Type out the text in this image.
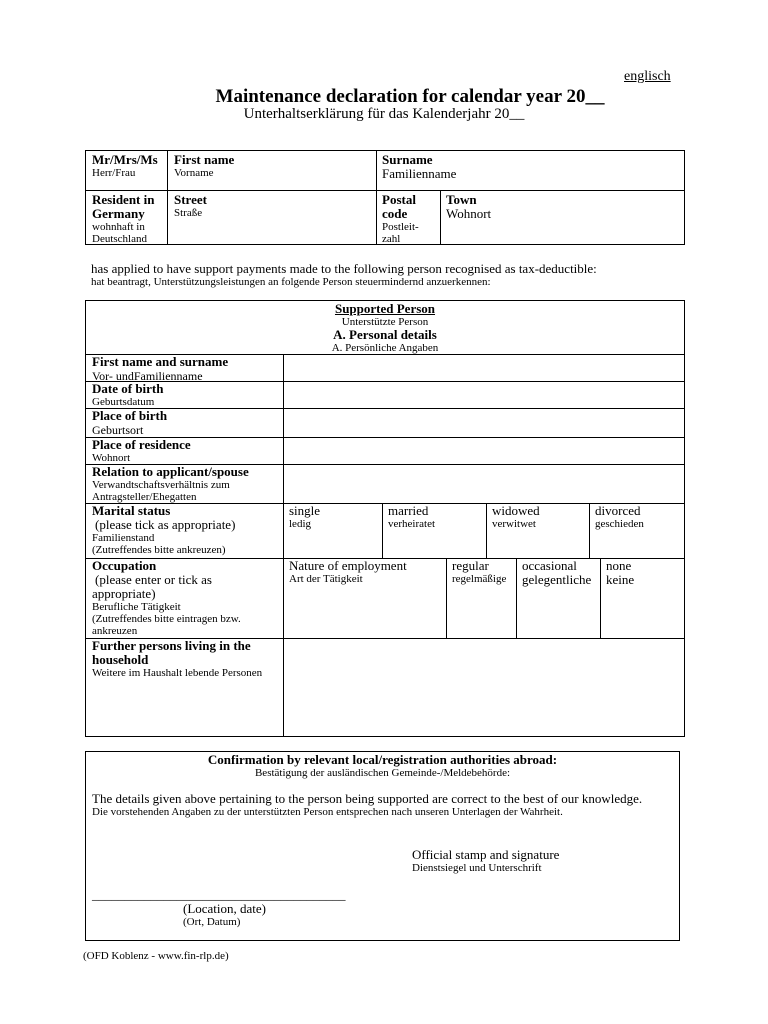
englisch
Maintenance declaration for calendar year 20__
Unterhaltserklärung für das Kalenderjahr 20__
Mr/Mrs/Ms
Herr/Frau
First name
Vorname
Surname
Familienname
Resident in
Germany
wohnhaft in
Deutschland
Street
Straße
Postal
code
Postleit-
zahl
Town
Wohnort
has applied to have support payments made to the following person recognised as tax-deductible:
hat beantragt, Unterstützungsleistungen an folgende Person steuermindernd anzuerkennen:
Supported Person
Unterstützte Person
A. Personal details
A. Persönliche Angaben
First name and surname
Vor- undFamilienname
Date of birth
Geburtsdatum
Place of birth
Geburtsort
Place of residence
Wohnort
Relation to applicant/spouse
Verwandtschaftsverhältnis zum
Antragsteller/Ehegatten
Marital status
(please tick as appropriate)
Familienstand
(Zutreffendes bitte ankreuzen)
single
ledig
married
verheiratet
widowed
verwitwet
divorced
geschieden
Occupation
(please enter or tick as
appropriate)
Berufliche Tätigkeit
(Zutreffendes bitte eintragen bzw.
ankreuzen
Nature of employment
Art der Tätigkeit
regular
regelmäßige
occasional
gelegentliche
none
keine
Further persons living in the
household
Weitere im Haushalt lebende Personen
Confirmation by relevant local/registration authorities abroad:
Bestätigung der ausländischen Gemeinde-/Meldebehörde:
The details given above pertaining to the person being supported are correct to the best of our knowledge.
Die vorstehenden Angaben zu der unterstützten Person entsprechen nach unseren Unterlagen der Wahrheit.
Official stamp and signature
Dienstsiegel und Unterschrift
_______________________________________
(Location, date)
(Ort, Datum)
(OFD Koblenz - www.fin-rlp.de)
